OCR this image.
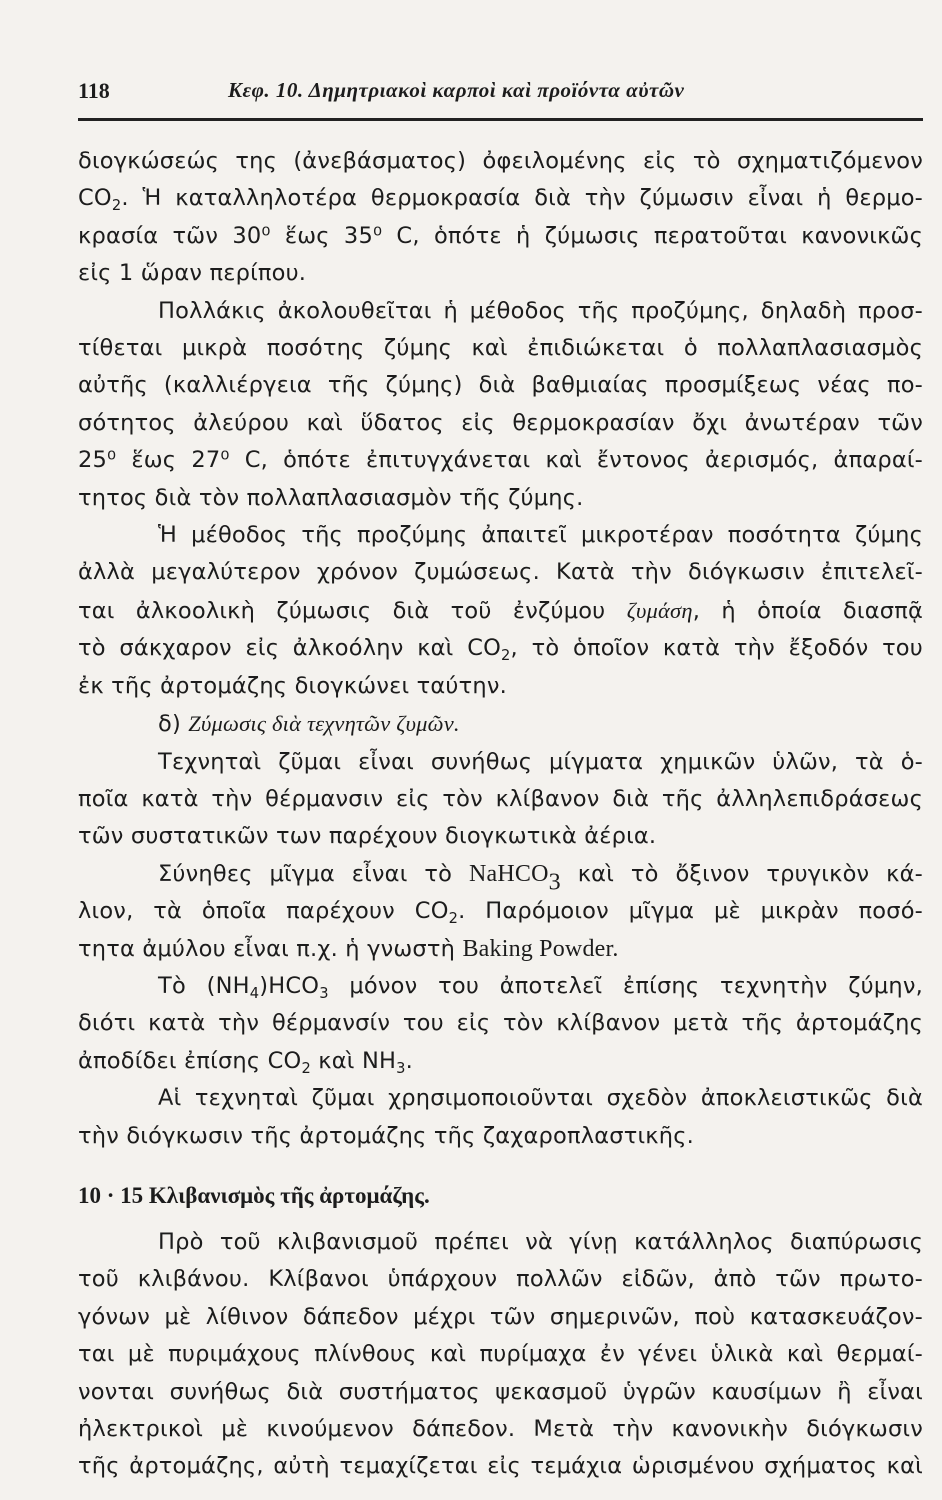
118	Κεφ. 10. Δημητριακοὶ καρποὶ καὶ προϊόντα αὐτῶν

διογκώσεώς της (ἀνεβάσματος) ὀφειλομένης εἰς τὸ σχηματιζόμενον

$CO_2$. Ἡ καταλληλοτέρα θερμοκρασία διὰ τὴν ζύμωσιν εἶναι ἡ θερμο-

κρασία τῶν 30⁰ ἕως 35⁰ C, ὁπότε ἡ ζύμωσις περατοῦται κανονικῶς

εἰς 1 ὥραν περίπου.

Πολλάκις ἀκολουθεῖται ἡ μέθοδος τῆς προζύμης, δηλαδὴ προσ-

τίθεται μικρὰ ποσότης ζύμης καὶ ἐπιδιώκεται ὁ πολλαπλασιασμὸς

αὐτῆς (καλλιέργεια τῆς ζύμης) διὰ βαθμιαίας προσμίξεως νέας πο-

σότητος ἀλεύρου καὶ ὕδατος εἰς θερμοκρασίαν ὄχι ἀνωτέραν τῶν

25⁰ ἕως 27⁰ C, ὁπότε ἐπιτυγχάνεται καὶ ἔντονος ἀερισμός, ἀπαραί-

τητος διὰ τὸν πολλαπλασιασμὸν τῆς ζύμης.

Ἡ μέθοδος τῆς προζύμης ἀπαιτεῖ μικροτέραν ποσότητα ζύμης

ἀλλὰ μεγαλύτερον χρόνον ζυμώσεως. Κατὰ τὴν διόγκωσιν ἐπιτελεῖ-

ται ἀλκοολικὴ ζύμωσις διὰ τοῦ ἐνζύμου ζυμάση, ἡ ὁποία διασπᾷ

τὸ σάκχαρον εἰς ἀλκοόλην καὶ $CO_2$, τὸ ὁποῖον κατὰ τὴν ἔξοδόν του

ἐκ τῆς ἀρτομάζης διογκώνει ταύτην.

δ) Ζύμωσις διὰ τεχνητῶν ζυμῶν.

Τεχνηταὶ ζῦμαι εἶναι συνήθως μίγματα χημικῶν ὑλῶν, τὰ ὁ-

ποῖα κατὰ τὴν θέρμανσιν εἰς τὸν κλίβανον διὰ τῆς ἀλληλεπιδράσεως

τῶν συστατικῶν των παρέχουν διογκωτικὰ ἀέρια.

Σύνηθες μῖγμα εἶναι τὸ NaHCO3 καὶ τὸ ὄξινον τρυγικὸν κά-

λιον, τὰ ὁποῖα παρέχουν $CO_2$. Παρόμοιον μῖγμα μὲ μικρὰν ποσό-

τητα ἀμύλου εἶναι π.χ. ἡ γνωστὴ Baking Powder.

Τὸ $(NH_4)HCO_3$ μόνον του ἀποτελεῖ ἐπίσης τεχνητὴν ζύμην,

διότι κατὰ τὴν θέρμανσίν του εἰς τὸν κλίβανον μετὰ τῆς ἀρτομάζης

ἀποδίδει ἐπίσης $CO_2$ καὶ $NH_3$.

Αἱ τεχνηταὶ ζῦμαι χρησιμοποιοῦνται σχεδὸν ἀποκλειστικῶς διὰ

τὴν διόγκωσιν τῆς ἀρτομάζης τῆς ζαχαροπλαστικῆς.

10 · 15 Κλιβανισμὸς τῆς ἀρτομάζης.

Πρὸ τοῦ κλιβανισμοῦ πρέπει νὰ γίνῃ κατάλληλος διαπύρωσις

τοῦ κλιβάνου. Κλίβανοι ὑπάρχουν πολλῶν εἰδῶν, ἀπὸ τῶν πρωτο-

γόνων μὲ λίθινον δάπεδον μέχρι τῶν σημερινῶν, ποὺ κατασκευάζον-

ται μὲ πυριμάχους πλίνθους καὶ πυρίμαχα ἐν γένει ὑλικὰ καὶ θερμαί-

νονται συνήθως διὰ συστήματος ψεκασμοῦ ὑγρῶν καυσίμων ἢ εἶναι

ἠλεκτρικοὶ μὲ κινούμενον δάπεδον. Μετὰ τὴν κανονικὴν διόγκωσιν

τῆς ἀρτομάζης, αὐτὴ τεμαχίζεται εἰς τεμάχια ὡρισμένου σχήματος καὶ
